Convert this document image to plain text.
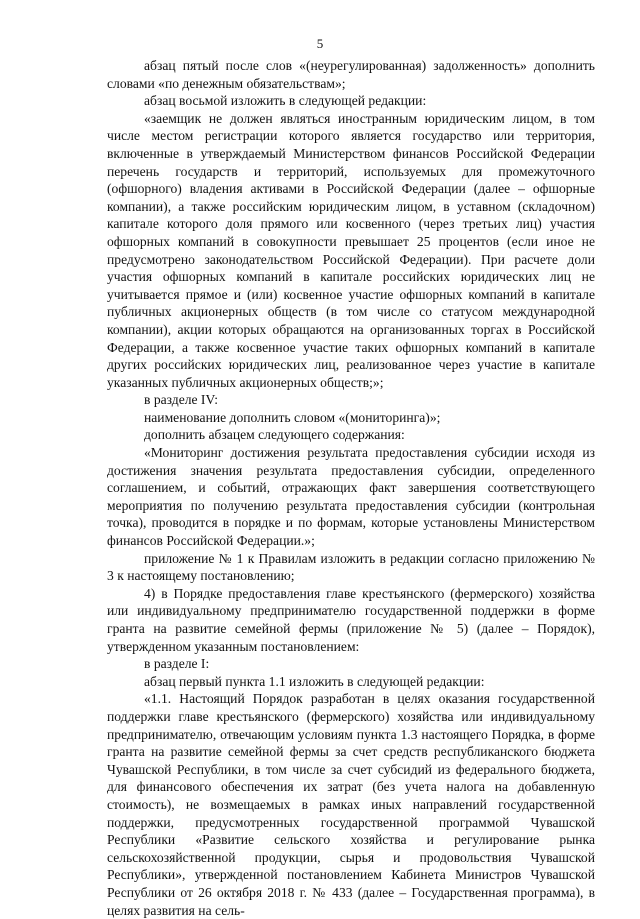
5

абзац пятый после слов «(неурегулированная) задолженность» дополнить словами «по денежным обязательствам»;

абзац восьмой изложить в следующей редакции:

«заемщик не должен являться иностранным юридическим лицом, в том числе местом регистрации которого является государство или территория, включенные в утверждаемый Министерством финансов Российской Федерации перечень государств и территорий, используемых для промежуточного (офшорного) владения активами в Российской Федерации (далее – офшорные компании), а также российским юридическим лицом, в уставном (складочном) капитале которого доля прямого или косвенного (через третьих лиц) участия офшорных компаний в совокупности превышает 25 процентов (если иное не предусмотрено законодательством Российской Федерации). При расчете доли участия офшорных компаний в капитале российских юридических лиц не учитывается прямое и (или) косвенное участие офшорных компаний в капитале публичных акционерных обществ (в том числе со статусом международной компании), акции которых обращаются на организованных торгах в Российской Федерации, а также косвенное участие таких офшорных компаний в капитале других российских юридических лиц, реализованное через участие в капитале указанных публичных акционерных обществ;»;

в разделе IV:

наименование дополнить словом «(мониторинга)»;

дополнить абзацем следующего содержания:

«Мониторинг достижения результата предоставления субсидии исходя из достижения значения результата предоставления субсидии, определенного соглашением, и событий, отражающих факт завершения соответствующего мероприятия по получению результата предоставления субсидии (контрольная точка), проводится в порядке и по формам, которые установлены Министерством финансов Российской Федерации.»;

приложение № 1 к Правилам изложить в редакции согласно приложению № 3 к настоящему постановлению;

4) в Порядке предоставления главе крестьянского (фермерского) хозяйства или индивидуальному предпринимателю государственной поддержки в форме гранта на развитие семейной фермы (приложение № 5) (далее – Порядок), утвержденном указанным постановлением:

в разделе I:

абзац первый пункта 1.1 изложить в следующей редакции:

«1.1. Настоящий Порядок разработан в целях оказания государственной поддержки главе крестьянского (фермерского) хозяйства или индивидуальному предпринимателю, отвечающим условиям пункта 1.3 настоящего Порядка, в форме гранта на развитие семейной фермы за счет средств республиканского бюджета Чувашской Республики, в том числе за счет субсидий из федерального бюджета, для финансового обеспечения их затрат (без учета налога на добавленную стоимость), не возмещаемых в рамках иных направлений государственной поддержки, предусмотренных государственной программой Чувашской Республики «Развитие сельского хозяйства и регулирование рынка сельскохозяйственной продукции, сырья и продовольствия Чувашской Республики», утвержденной постановлением Кабинета Министров Чувашской Республики от 26 октября 2018 г. № 433 (далее – Государственная программа), в целях развития на сель-
